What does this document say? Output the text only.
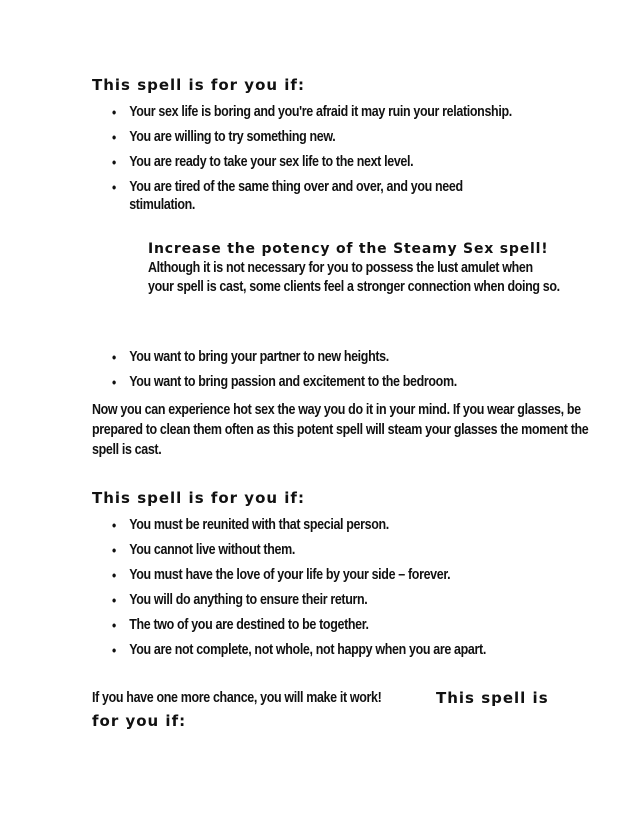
This spell is for you if:
• Your sex life is boring and you're afraid it may ruin your relationship.
• You are willing to try something new.
• You are ready to take your sex life to the next level.
• You are tired of the same thing over and over, and you need stimulation.
Increase the potency of the Steamy Sex spell!
Although it is not necessary for you to possess the lust amulet when your spell is cast, some clients feel a stronger connection when doing so.
• You want to bring your partner to new heights.
• You want to bring passion and excitement to the bedroom.
Now you can experience hot sex the way you do it in your mind. If you wear glasses, be prepared to clean them often as this potent spell will steam your glasses the moment the spell is cast.
This spell is for you if:
• You must be reunited with that special person.
• You cannot live without them.
• You must have the love of your life by your side – forever.
• You will do anything to ensure their return.
• The two of you are destined to be together.
• You are not complete, not whole, not happy when you are apart.
If you have one more chance, you will make it work!	This spell is
for you if:
